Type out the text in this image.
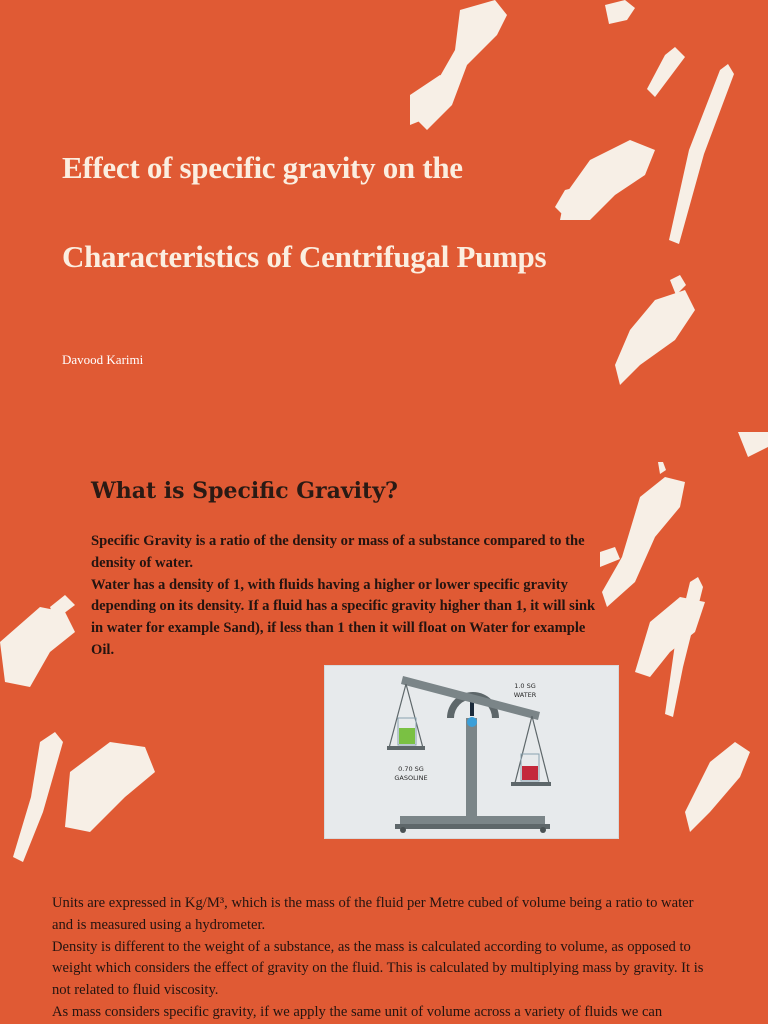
Effect of specific gravity on the
Characteristics of Centrifugal Pumps
Davood Karimi
What is Specific Gravity?

Specific Gravity is a ratio of the density or mass of a substance compared to the density of water.

Water has a density of 1, with fluids having a higher or lower specific gravity depending on its density. If a fluid has a specific gravity higher than 1, it will sink in water for example Sand), if less than 1 then it will float on Water for example Oil.

1.0 SG
WATER
0.70 SG
GASOLINE

Units are expressed in Kg/M³, which is the mass of the fluid per Metre cubed of volume being a ratio to water and is measured using a hydrometer.

Density is different to the weight of a substance, as the mass is calculated according to volume, as opposed to weight which considers the effect of gravity on the fluid. This is calculated by multiplying mass by gravity. It is not related to fluid viscosity.

As mass considers specific gravity, if we apply the same unit of volume across a variety of fluids we can
